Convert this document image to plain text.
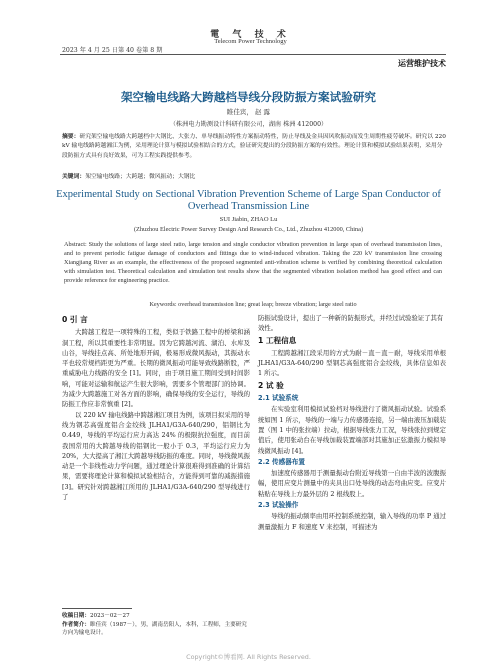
2023 年 4 月 25 日第 40 卷第 8 期
電 气 技 术
Telecom Power Technology
运营维护技术
架空输电线路大跨越档导线分段防振方案试验研究
睢佳宾， 赵 露
（株洲电力勘测设计科研有限公司，湖南 株洲 412000）
摘要：研究架空输电线路大跨越档中大钢比、大张力、单导线振动特性方案振动特性，防止导线及金具因风吹振动而发生周期性疲劳破坏。研究以 220 kV 输电线路跨越湘江为例，采用理论计算与模拟试验相结合的方式，验证研究提出的分段防振方案的有效性。理论计算和模拟试验结果表明，采用分段防振方式具有良好效果，可为工程实践提供参考。
关键词：架空输电线路；大跨越；微风振动；大钢比
Experimental Study on Sectional Vibration Prevention Scheme of Large Span Conductor of Overhead Transmission Line
SUI Jiabin, ZHAO Lu
(Zhuzhou Electric Power Survey Design And Research Co., Ltd., Zhuzhou 412000, China)
Abstract: Study the solutions of large steel ratio, large tension and single conductor vibration prevention in large span of overhead transmission lines, and to prevent periodic fatigue damage of conductors and fittings due to wind-induced vibration. Taking the 220 kV transmission line crossing Xiangjiang River as an example, the effectiveness of the proposed segmented anti-vibration scheme is verified by combining theoretical calculation with simulation test. Theoretical calculation and simulation test results show that the segmented vibration isolation method has good effect and can provide reference for engineering practice.
Keywords: overhead transmission line; great leap; breeze vibration; large steel ratio
0 引 言
大跨越工程是一项特殊的工程，类似于铁路工程中的桥梁和涵洞工程，所以其重要性非常明显。因为它跨越河流、湖泊、水库及山谷，导线挂点高、所处地形开阔，极易形成微风振动，其振动水平也较常规档距更为严重。长期的微风振动可能导致线路断股，严重威胁电力线路的安全 [1]。同时，由于项目施工期间受到时间影响，可能对运输和航运产生很大影响，需要多个管理部门的协调。为减少大跨越施工对各方面的影响，确保导线的安全运行，导线的防振工作应非常慎重 [2]。
以 220 kV 输电线路中跨越湘江项目为例，该项目拟采用的导线为钢芯高强度铝合金绞线 JLHA1/G3A-640/290，铝钢比为 0.449，导线的平均运行应力高达 24% 的极限抗拉强度，而目前我国常用的大跨越导线的铝钢比一般小于 0.3，平均运行应力为 20%，大大提高了湘江大跨越导线防振的难度。同时，导线微风振动是一个非线性动力学问题，通过理论计算很难得到准确的计算结果，需要将理论计算和模拟试验相结合，方能得到可靠的减振措施 [3]。研究针对跨越湘江所用的 JLHA1/G3A-640/290 型导线进行了
防振试验设计，提出了一种新的防振形式，并经过试验验证了其有效性。
1 工程信息
工程跨越湘江段采用的方式为耐－直－直－耐，导线采用单根 JLHA1/G3A-640/290 型钢芯高强度铝合金绞线，具体信息如表 1 所示。
2 试 验
2.1 试验系统
在实验室利用模拟试验档对导线进行了微风振动试验。试验系统如图 1 所示，导线的一端与力传感器连接，另一端由液压加载装置（图 1 中的张拉端）拉动，根据导线张力工况，导线张拉到规定值后，使用张动台在导线加载装置端部对其施加正弦激振力模拟导线微风振动 [4]。
2.2 传感器布置
加速度传感器用于测量振动台附近导线第一自由半波的波腹振幅，使用应变片测量中的夹具出口处导线的动态弯曲应变。应变片粘贴在导线上方最外层的 2 根线股上。
2.3 试验操作
导线的振动频率由用环控制系统控制，输入导线的功率 P 通过测量激振力 F 和速度 V 来控制，可描述为
收稿日期：2023－02－27
作者简介：睢佳宾（1987－），男，湖南岳阳人，本科，工程师，主要研究方向为输电设计。
Copyright©博看网. All Rights Reserved.
